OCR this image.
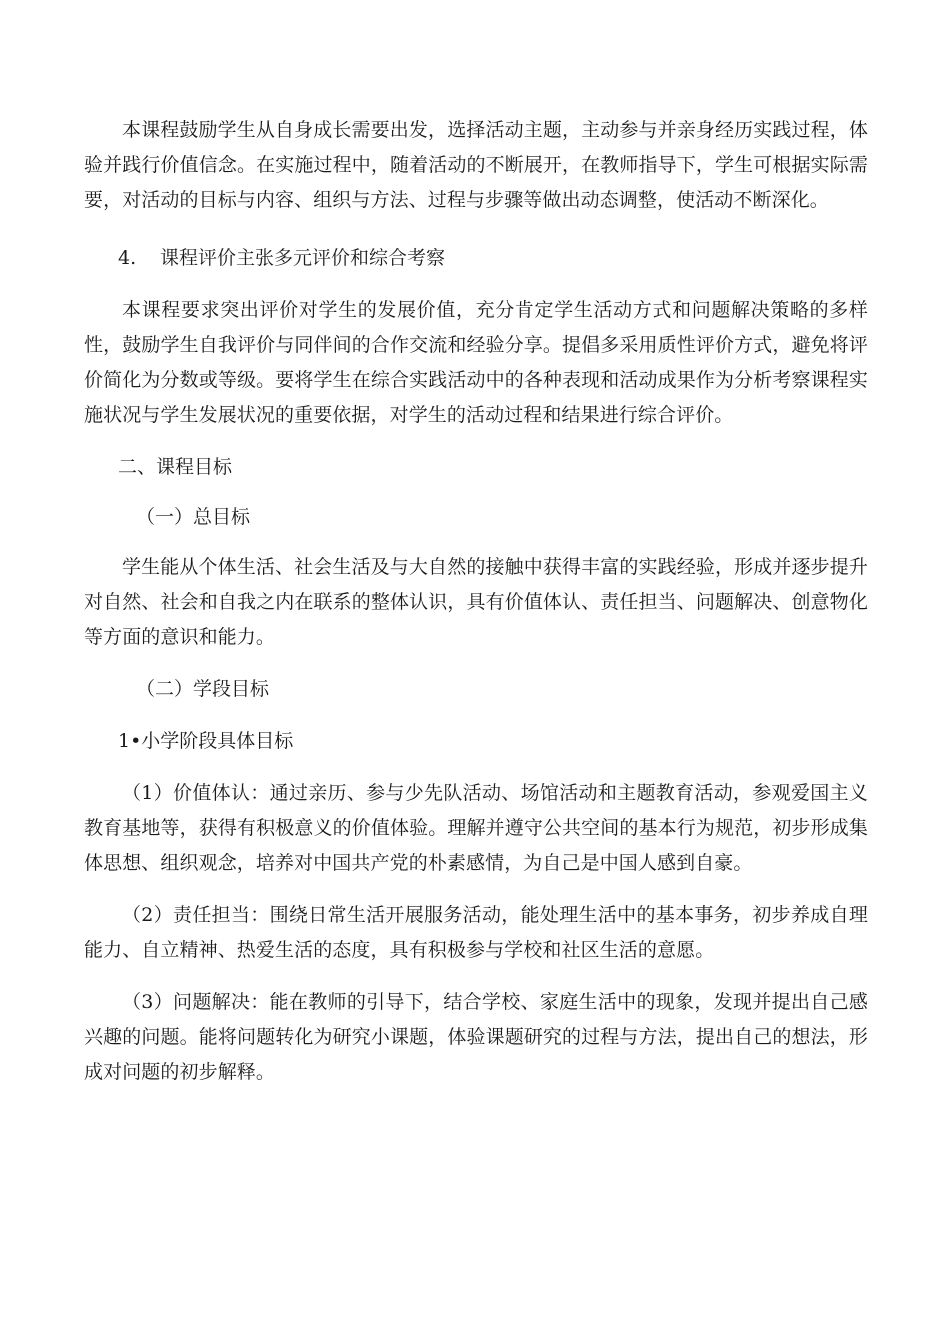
本课程鼓励学生从自身成长需要出发，选择活动主题，主动参与并亲身经历实践过程，体验并践行价值信念。在实施过程中，随着活动的不断展开，在教师指导下，学生可根据实际需要，对活动的目标与内容、组织与方法、过程与步骤等做出动态调整，使活动不断深化。

4. 课程评价主张多元评价和综合考察

本课程要求突出评价对学生的发展价值，充分肯定学生活动方式和问题解决策略的多样性，鼓励学生自我评价与同伴间的合作交流和经验分享。提倡多采用质性评价方式，避免将评价简化为分数或等级。要将学生在综合实践活动中的各种表现和活动成果作为分析考察课程实施状况与学生发展状况的重要依据，对学生的活动过程和结果进行综合评价。

二、课程目标
（一）总目标

学生能从个体生活、社会生活及与大自然的接触中获得丰富的实践经验，形成并逐步提升对自然、社会和自我之内在联系的整体认识，具有价值体认、责任担当、问题解决、创意物化等方面的意识和能力。

（二）学段目标
1•小学阶段具体目标

（1）价值体认：通过亲历、参与少先队活动、场馆活动和主题教育活动，参观爱国主义教育基地等，获得有积极意义的价值体验。理解并遵守公共空间的基本行为规范，初步形成集体思想、组织观念，培养对中国共产党的朴素感情，为自己是中国人感到自豪。

（2）责任担当：围绕日常生活开展服务活动，能处理生活中的基本事务，初步养成自理能力、自立精神、热爱生活的态度，具有积极参与学校和社区生活的意愿。

（3）问题解决：能在教师的引导下，结合学校、家庭生活中的现象，发现并提出自己感兴趣的问题。能将问题转化为研究小课题，体验课题研究的过程与方法，提出自己的想法，形成对问题的初步解释。
